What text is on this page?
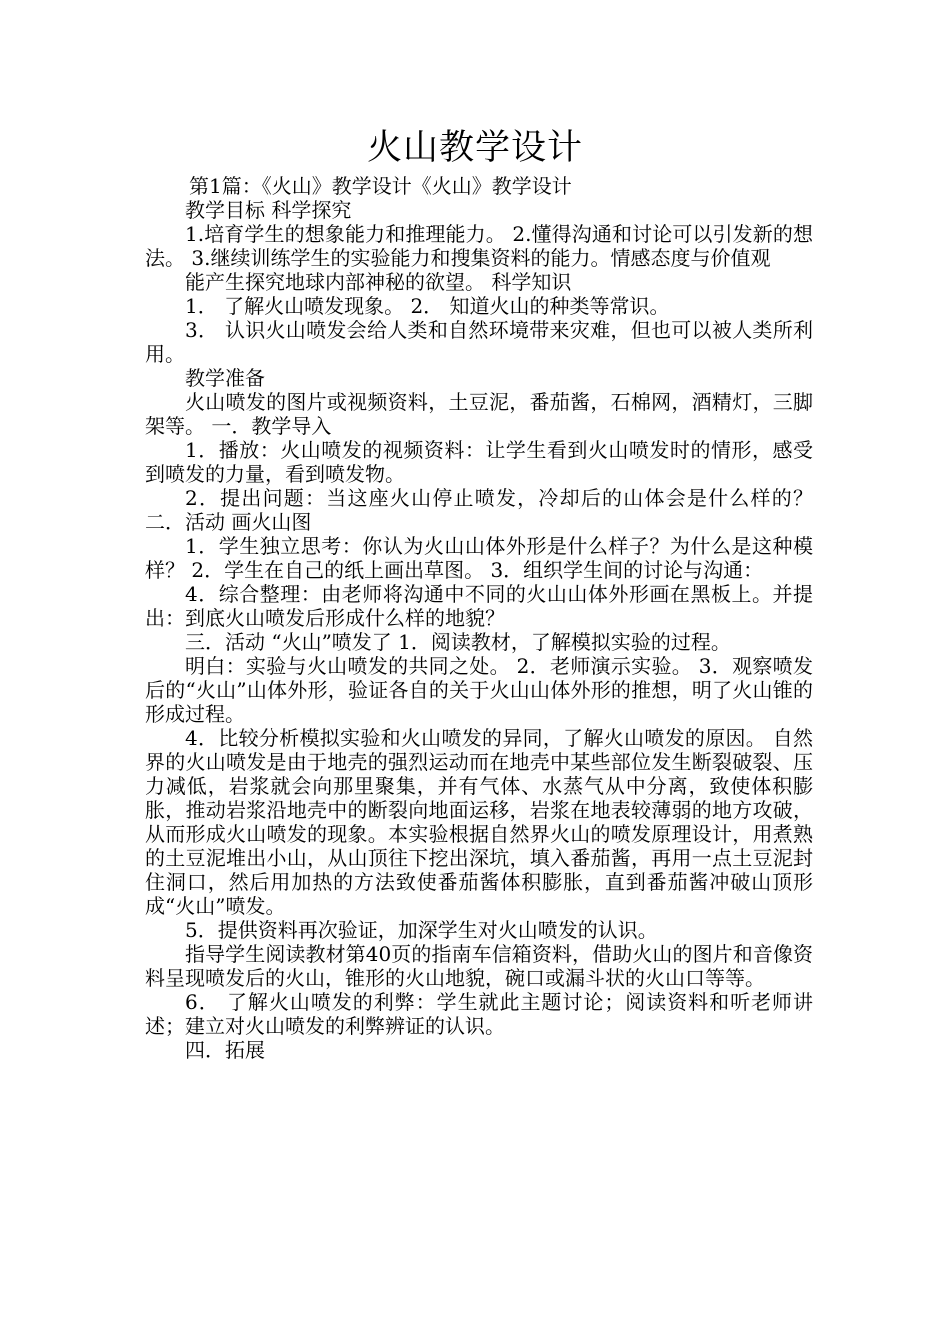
火山教学设计

第1篇：《火山》教学设计《火山》教学设计

教学目标 科学探究

1.培育学生的想象能力和推理能力。 2.懂得沟通和讨论可以引发新的想法。 3.继续训练学生的实验能力和搜集资料的能力。情感态度与价值观

能产生探究地球内部神秘的欲望。 科学知识

1． 了解火山喷发现象。 2． 知道火山的种类等常识。

3． 认识火山喷发会给人类和自然环境带来灾难，但也可以被人类所利用。

教学准备

火山喷发的图片或视频资料，土豆泥，番茄酱，石棉网，酒精灯，三脚架等。 一．教学导入

1．播放：火山喷发的视频资料：让学生看到火山喷发时的情形，感受到喷发的力量，看到喷发物。

2．提出问题：当这座火山停止喷发，冷却后的山体会是什么样的？ 二．活动 画火山图

1．学生独立思考：你认为火山山体外形是什么样子？为什么是这种模样？ 2．学生在自己的纸上画出草图。 3．组织学生间的讨论与沟通：

4．综合整理：由老师将沟通中不同的火山山体外形画在黑板上。并提出：到底火山喷发后形成什么样的地貌？

三．活动 “火山”喷发了 1．阅读教材，了解模拟实验的过程。

明白：实验与火山喷发的共同之处。 2．老师演示实验。 3．观察喷发后的“火山”山体外形，验证各自的关于火山山体外形的推想，明了火山锥的形成过程。

4．比较分析模拟实验和火山喷发的异同，了解火山喷发的原因。 自然界的火山喷发是由于地壳的强烈运动而在地壳中某些部位发生断裂破裂、压力减低，岩浆就会向那里聚集，并有气体、水蒸气从中分离，致使体积膨胀，推动岩浆沿地壳中的断裂向地面运移，岩浆在地表较薄弱的地方攻破，从而形成火山喷发的现象。本实验根据自然界火山的喷发原理设计，用煮熟的土豆泥堆出小山，从山顶往下挖出深坑，填入番茄酱，再用一点土豆泥封住洞口，然后用加热的方法致使番茄酱体积膨胀，直到番茄酱冲破山顶形成“火山”喷发。

5．提供资料再次验证，加深学生对火山喷发的认识。

指导学生阅读教材第40页的指南车信箱资料，借助火山的图片和音像资料呈现喷发后的火山，锥形的火山地貌，碗口或漏斗状的火山口等等。

6． 了解火山喷发的利弊：学生就此主题讨论；阅读资料和听老师讲述；建立对火山喷发的利弊辨证的认识。

四．拓展
